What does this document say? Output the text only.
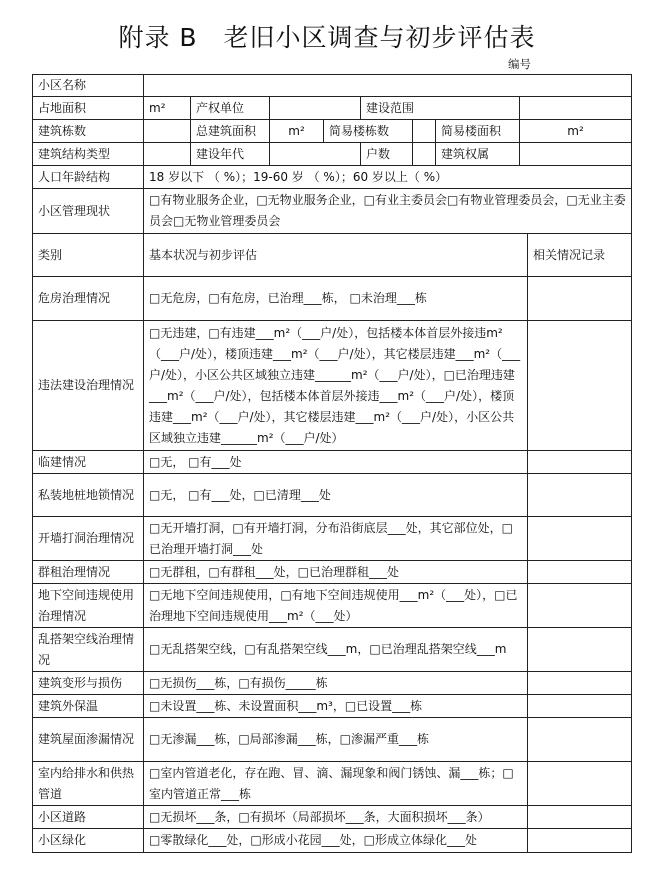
附录 B　老旧小区调查与初步评估表
编号
小区名称									
占地面积	m²	产权单位			建设范围				
建筑栋数		总建筑面积	m²	简易楼栋数			简易楼面积	m²	
建筑结构类型		建设年代			户数		建筑权属		
人口年龄结构	18 岁以下 （ %）；19-60 岁 （ %）；60 岁以上（ %）								
小区管理现状	□有物业服务企业，□无物业服务企业，□有业主委员会□有物业管理委员会，□无业主委员会□无物业管理委员会								
类别	基本状况与初步评估								相关情况记录
危房治理情况	□无危房，□有危房，已治理___栋， □未治理___栋								
违法建设治理情况	□无违建，□有违建___m²（___户/处），包括楼本体首层外接违m²（___户/处），楼顶违建___m²（___户/处），其它楼层违建___m²（___户/处），小区公共区域独立违建______m²（___户/处），□已治理违建___m²（___户/处），包括楼本体首层外接违___m²（___户/处），楼顶违建___m²（___户/处），其它楼层违建___m²（___户/处），小区公共区域独立违建______m²（___户/处）								
临建情况	□无， □有___处								
私装地桩地锁情况	□无， □有___处，□已清理___处								
开墙打洞治理情况	□无开墙打洞，□有开墙打洞，分布沿街底层___处，其它部位处，□已治理开墙打洞___处								
群租治理情况	□无群租，□有群租___处，□已治理群租___处								
地下空间违规使用治理情况	□无地下空间违规使用，□有地下空间违规使用___m²（___处），□已治理地下空间违规使用___m²（___处）								
乱搭架空线治理情况	□无乱搭架空线，□有乱搭架空线___m，□已治理乱搭架空线___m								
建筑变形与损伤	□无损伤___栋，□有损伤_____栋								
建筑外保温	□未设置___栋、未设置面积___m³，□已设置___栋								
建筑屋面渗漏情况	□无渗漏___栋，□局部渗漏___栋，□渗漏严重___栋								
室内给排水和供热管道	□室内管道老化，存在跑、冒、滴、漏现象和阀门锈蚀、漏___栋；□室内管道正常___栋								
小区道路	□无损坏___条，□有损坏（局部损坏___条，大面积损坏___条）								
小区绿化	□零散绿化___处，□形成小花园___处，□形成立体绿化___处								
